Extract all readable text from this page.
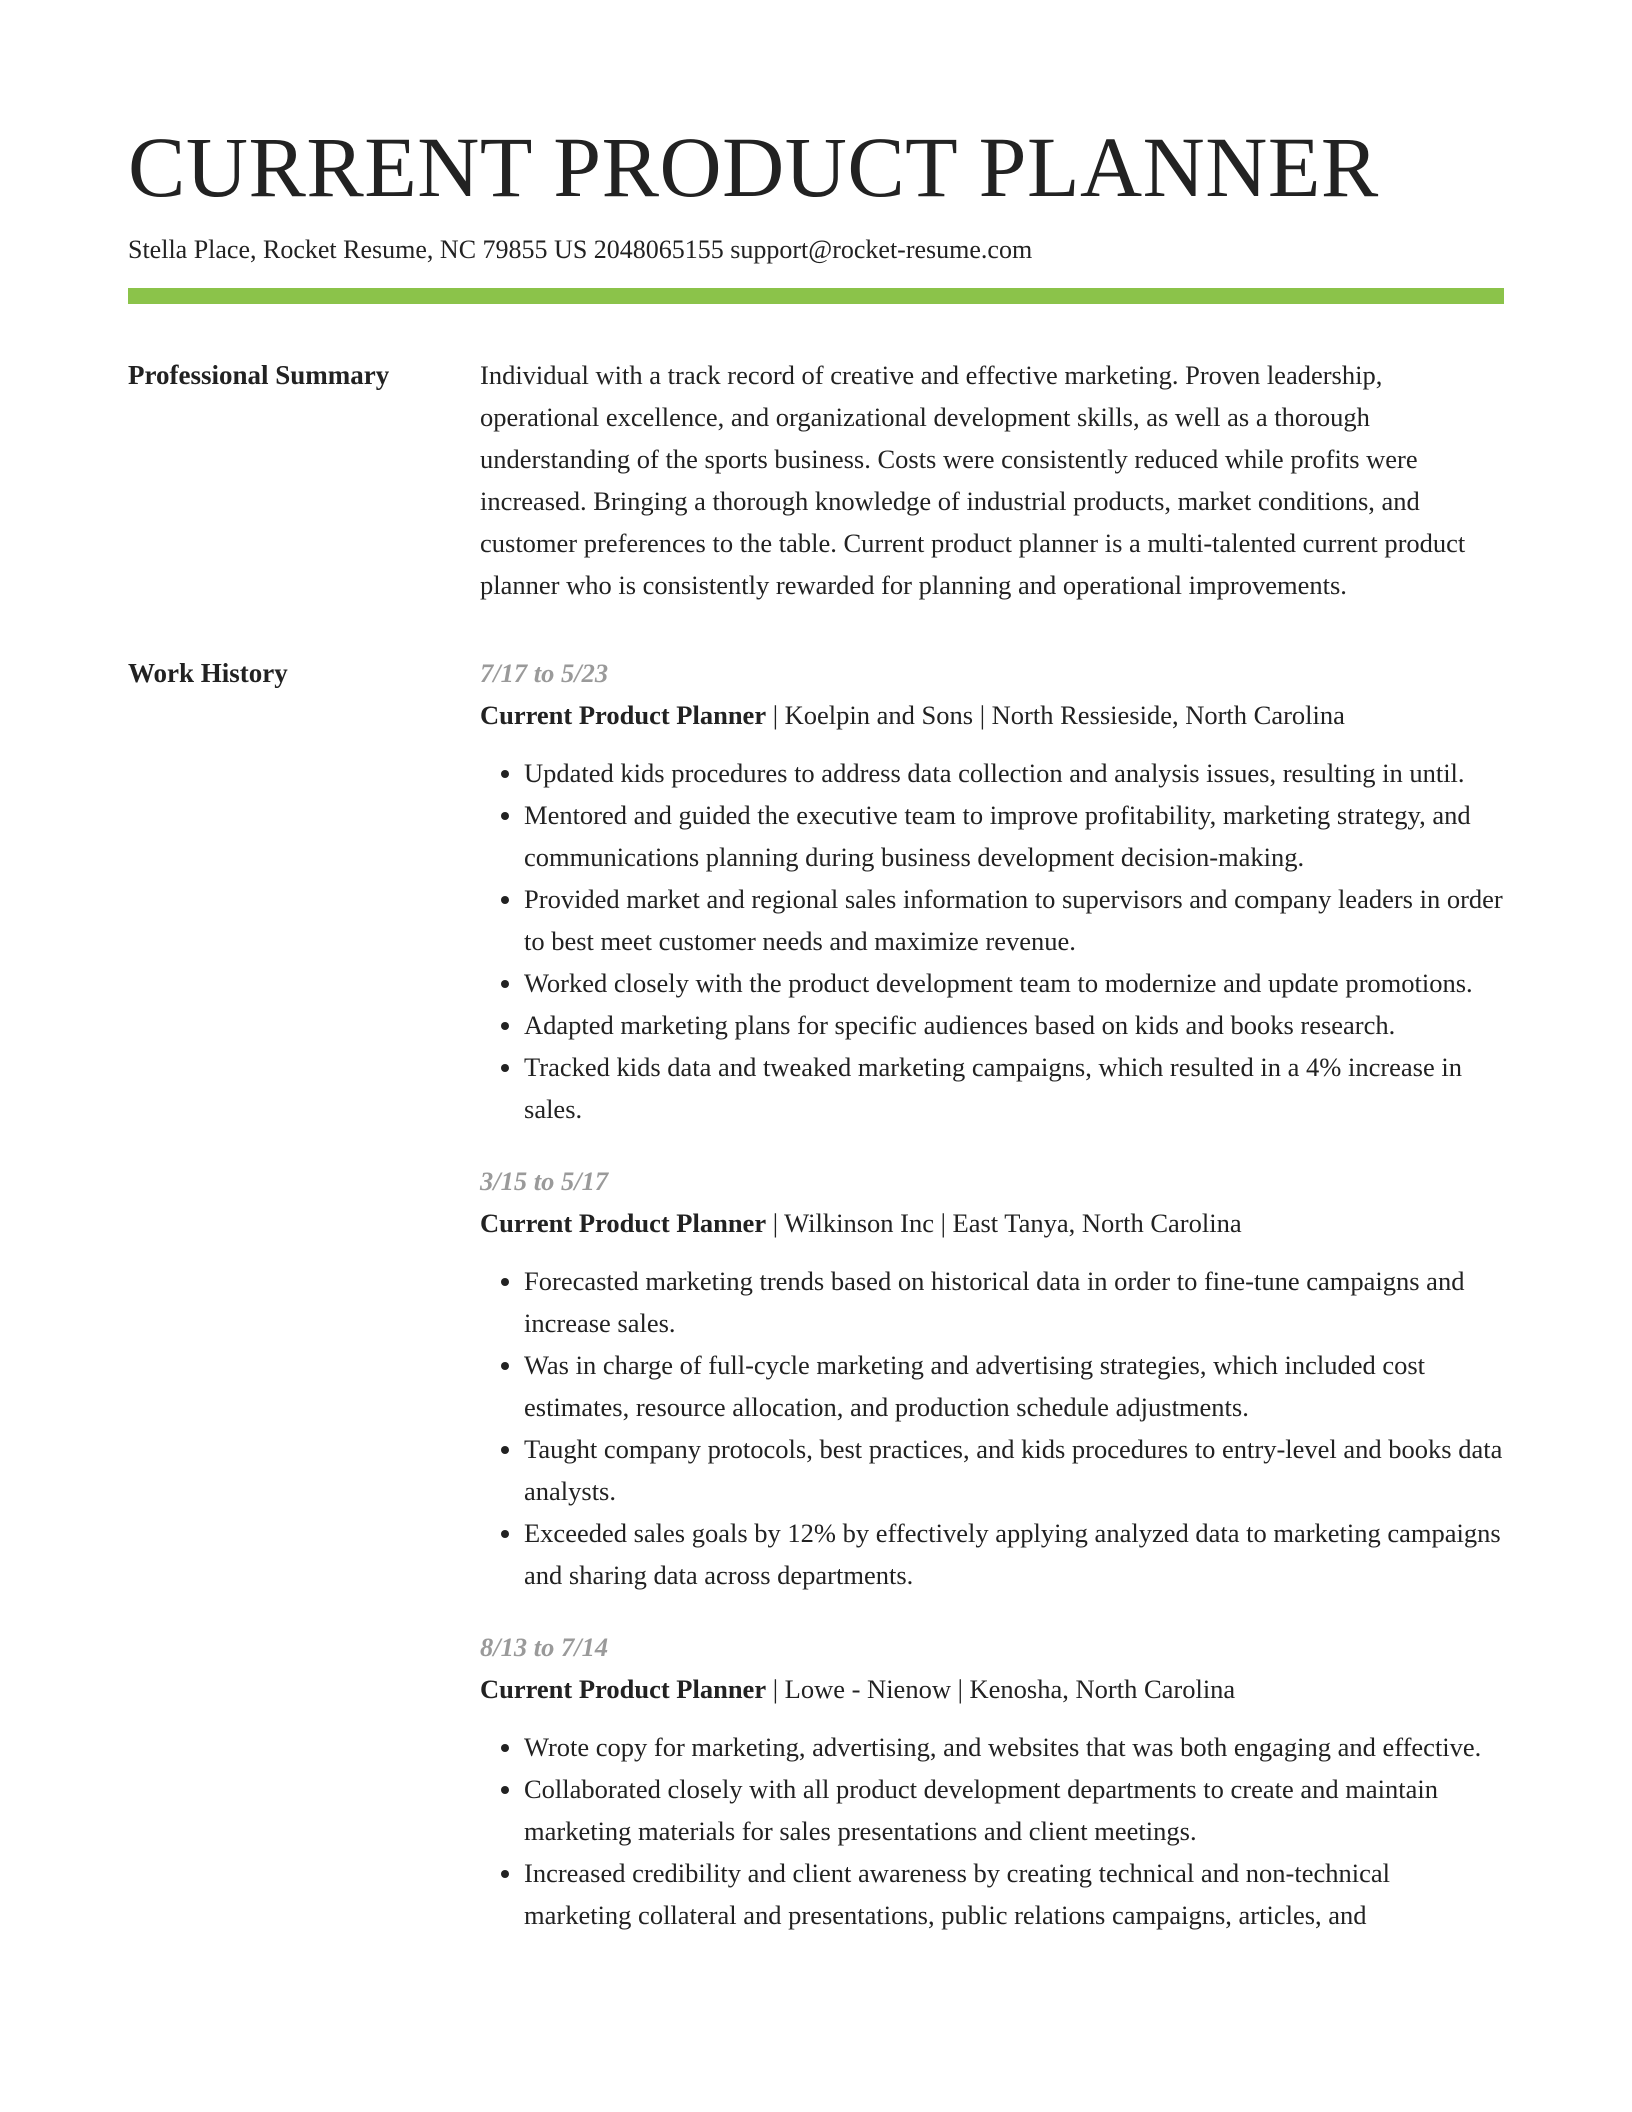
CURRENT PRODUCT PLANNER
Stella Place, Rocket Resume, NC 79855 US 2048065155 support@rocket-resume.com
Professional Summary	Individual with a track record of creative and effective marketing. Proven leadership, operational excellence, and organizational development skills, as well as a thorough understanding of the sports business. Costs were consistently reduced while profits were increased. Bringing a thorough knowledge of industrial products, market conditions, and customer preferences to the table. Current product planner is a multi-talented current product planner who is consistently rewarded for planning and operational improvements.

Work History	7/17 to 5/23
Current Product Planner | Koelpin and Sons | North Ressieside, North Carolina
• Updated kids procedures to address data collection and analysis issues, resulting in until.
• Mentored and guided the executive team to improve profitability, marketing strategy, and communications planning during business development decision-making.
• Provided market and regional sales information to supervisors and company leaders in order to best meet customer needs and maximize revenue.
• Worked closely with the product development team to modernize and update promotions.
• Adapted marketing plans for specific audiences based on kids and books research.
• Tracked kids data and tweaked marketing campaigns, which resulted in a 4% increase in sales.
3/15 to 5/17
Current Product Planner | Wilkinson Inc | East Tanya, North Carolina
• Forecasted marketing trends based on historical data in order to fine-tune campaigns and increase sales.
• Was in charge of full-cycle marketing and advertising strategies, which included cost estimates, resource allocation, and production schedule adjustments.
• Taught company protocols, best practices, and kids procedures to entry-level and books data analysts.
• Exceeded sales goals by 12% by effectively applying analyzed data to marketing campaigns and sharing data across departments.
8/13 to 7/14
Current Product Planner | Lowe - Nienow | Kenosha, North Carolina
• Wrote copy for marketing, advertising, and websites that was both engaging and effective.
• Collaborated closely with all product development departments to create and maintain marketing materials for sales presentations and client meetings.
• Increased credibility and client awareness by creating technical and non-technical marketing collateral and presentations, public relations campaigns, articles, and
